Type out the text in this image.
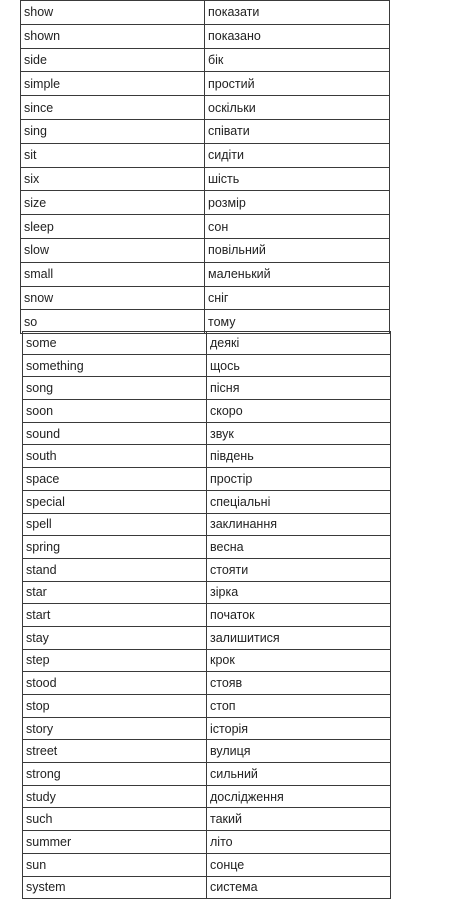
show	показати
shown	показано
side	бік
simple	простий
since	оскільки
sing	співати
sit	сидіти
six	шість
size	розмір
sleep	сон
slow	повільний
small	маленький
snow	сніг
so	тому
some	деякі
something	щось
song	пісня
soon	скоро
sound	звук
south	південь
space	простір
special	спеціальні
spell	заклинання
spring	весна
stand	стояти
star	зірка
start	початок
stay	залишитися
step	крок
stood	стояв
stop	стоп
story	історія
street	вулиця
strong	сильний
study	дослідження
such	такий
summer	літо
sun	сонце
system	система
